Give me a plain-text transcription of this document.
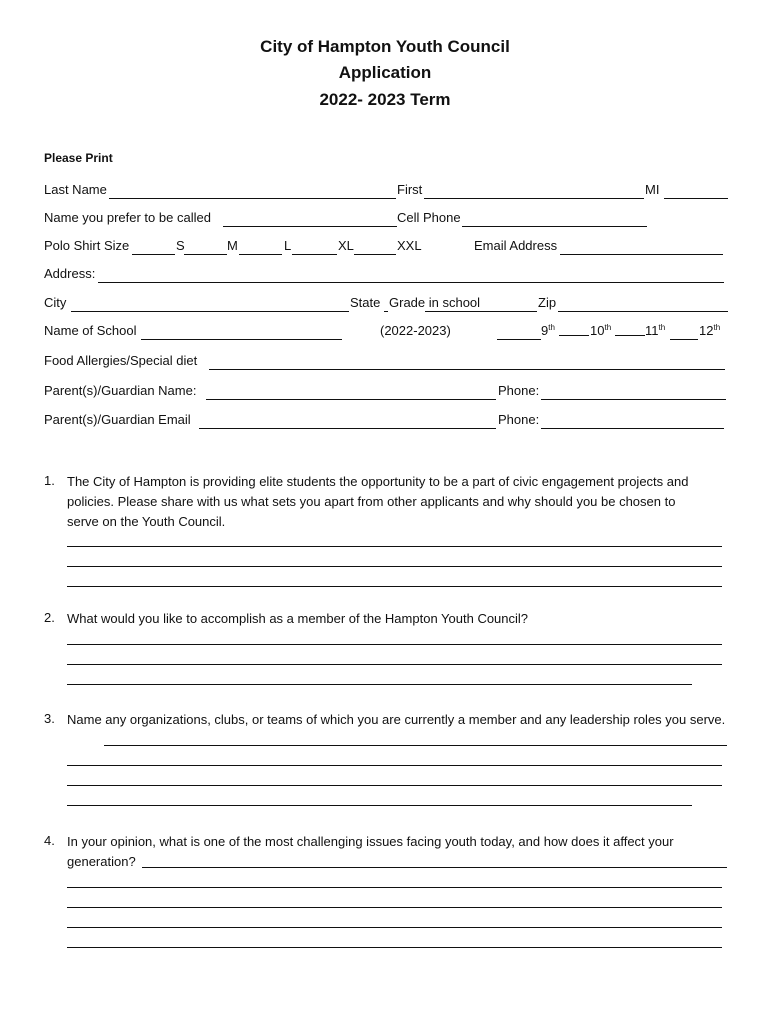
City of Hampton Youth Council
Application
2022- 2023 Term
Please Print
Last Name	First	MI
Name you prefer to be called	Cell Phone
Polo Shirt Size	S	M	L	XL	XXL	Email Address
Address:
City	State Grade in school	Zip
Name of School	(2022-2023)	9th	10th	11th	12th
Food Allergies/Special diet
Parent(s)/Guardian Name:	Phone:
Parent(s)/Guardian Email	Phone:
1. The City of Hampton is providing elite students the opportunity to be a part of civic engagement projects and policies. Please share with us what sets you apart from other applicants and why should you be chosen to serve on the Youth Council.
2. What would you like to accomplish as a member of the Hampton Youth Council?
3. Name any organizations, clubs, or teams of which you are currently a member and any leadership roles you serve.
4. In your opinion, what is one of the most challenging issues facing youth today, and how does it affect your generation?
